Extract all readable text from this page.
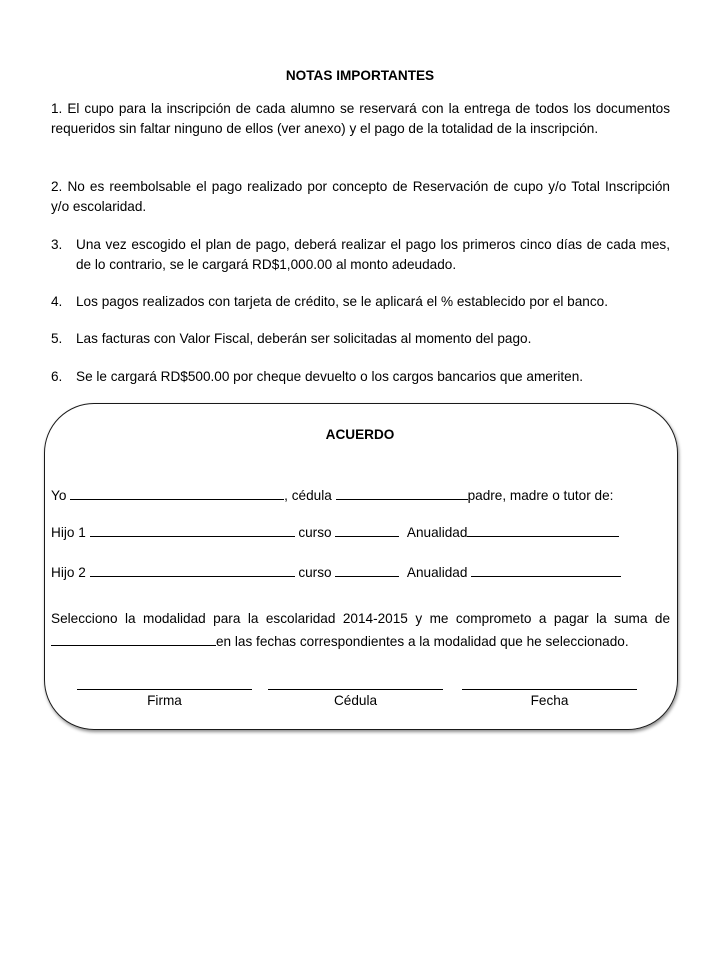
NOTAS IMPORTANTES
1. El cupo para la inscripción de cada alumno se reservará con la entrega de todos los documentos requeridos sin faltar ninguno de ellos (ver anexo) y el pago de la totalidad de la inscripción.
2. No es reembolsable el pago realizado por concepto de Reservación de cupo y/o Total Inscripción y/o escolaridad.
3. Una vez escogido el plan de pago, deberá realizar el pago los primeros cinco días de cada mes, de lo contrario, se le cargará RD$1,000.00 al monto adeudado.
4. Los pagos realizados con tarjeta de crédito, se le aplicará el % establecido por el banco.
5. Las facturas con Valor Fiscal, deberán ser solicitadas al momento del pago.
6. Se le cargará RD$500.00 por cheque devuelto o los cargos bancarios que ameriten.
ACUERDO
Yo	, cédula	padre, madre o tutor de:
Hijo 1	curso	Anualidad
Hijo 2	curso	Anualidad
Selecciono la modalidad para la escolaridad 2014-2015 y me comprometo a pagar la suma de
en las fechas correspondientes a la modalidad que he seleccionado.
Firma	Cédula	Fecha
